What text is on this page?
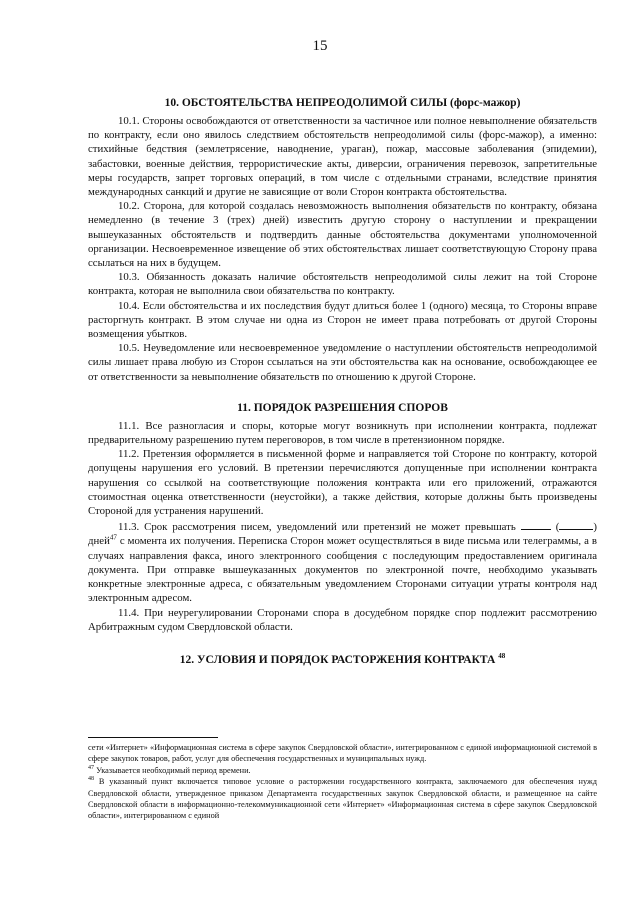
15
10. ОБСТОЯТЕЛЬСТВА НЕПРЕОДОЛИМОЙ СИЛЫ (форс-мажор)

10.1. Стороны освобождаются от ответственности за частичное или полное невыполнение обязательств по контракту, если оно явилось следствием обстоятельств непреодолимой силы (форс-мажор), а именно: стихийные бедствия (землетрясение, наводнение, ураган), пожар, массовые заболевания (эпидемии), забастовки, военные действия, террористические акты, диверсии, ограничения перевозок, запретительные меры государств, запрет торговых операций, в том числе с отдельными странами, вследствие принятия международных санкций и другие не зависящие от воли Сторон контракта обстоятельства.

10.2. Сторона, для которой создалась невозможность выполнения обязательств по контракту, обязана немедленно (в течение 3 (трех) дней) известить другую сторону о наступлении и прекращении вышеуказанных обстоятельств и подтвердить данные обстоятельства документами уполномоченной организации. Несвоевременное извещение об этих обстоятельствах лишает соответствующую Сторону права ссылаться на них в будущем.

10.3. Обязанность доказать наличие обстоятельств непреодолимой силы лежит на той Стороне контракта, которая не выполнила свои обязательства по контракту.

10.4. Если обстоятельства и их последствия будут длиться более 1 (одного) месяца, то Стороны вправе расторгнуть контракт. В этом случае ни одна из Сторон не имеет права потребовать от другой Стороны возмещения убытков.

10.5. Неуведомление или несвоевременное уведомление о наступлении обстоятельств непреодолимой силы лишает права любую из Сторон ссылаться на эти обстоятельства как на основание, освобождающее ее от ответственности за невыполнение обязательств по отношению к другой Стороне.

11. ПОРЯДОК РАЗРЕШЕНИЯ СПОРОВ

11.1. Все разногласия и споры, которые могут возникнуть при исполнении контракта, подлежат предварительному разрешению путем переговоров, в том числе в претензионном порядке.

11.2. Претензия оформляется в письменной форме и направляется той Стороне по контракту, которой допущены нарушения его условий. В претензии перечисляются допущенные при исполнении контракта нарушения со ссылкой на соответствующие положения контракта или его приложений, отражаются стоимостная оценка ответственности (неустойки), а также действия, которые должны быть произведены Стороной для устранения нарушений.

11.3. Срок рассмотрения писем, уведомлений или претензий не может превышать	(	) дней$^{47}$ с момента их получения. Переписка Сторон может осуществляться в виде письма или телеграммы, а в случаях направления факса, иного электронного сообщения с последующим предоставлением оригинала документа. При отправке вышеуказанных документов по электронной почте, необходимо указывать конкретные электронные адреса, с обязательным уведомлением Сторонами ситуации утраты контроля над электронным адресом.

11.4. При неурегулировании Сторонами спора в досудебном порядке спор подлежит рассмотрению Арбитражным судом Свердловской области.

12. УСЛОВИЯ И ПОРЯДОК РАСТОРЖЕНИЯ КОНТРАКТА $^{48}$

сети «Интернет» «Информационная система в сфере закупок Свердловской области», интегрированном с единой информационной системой в сфере закупок товаров, работ, услуг для обеспечения государственных и муниципальных нужд.

$^{47}$ Указывается необходимый период времени.

$^{48}$ В указанный пункт включается типовое условие о расторжении государственного контракта, заключаемого для обеспечения нужд Свердловской области, утвержденное приказом Департамента государственных закупок Свердловской области, и размещенное на сайте Свердловской области в информационно-телекоммуникационной сети «Интернет» «Информационная система в сфере закупок Свердловской области», интегрированном с единой
